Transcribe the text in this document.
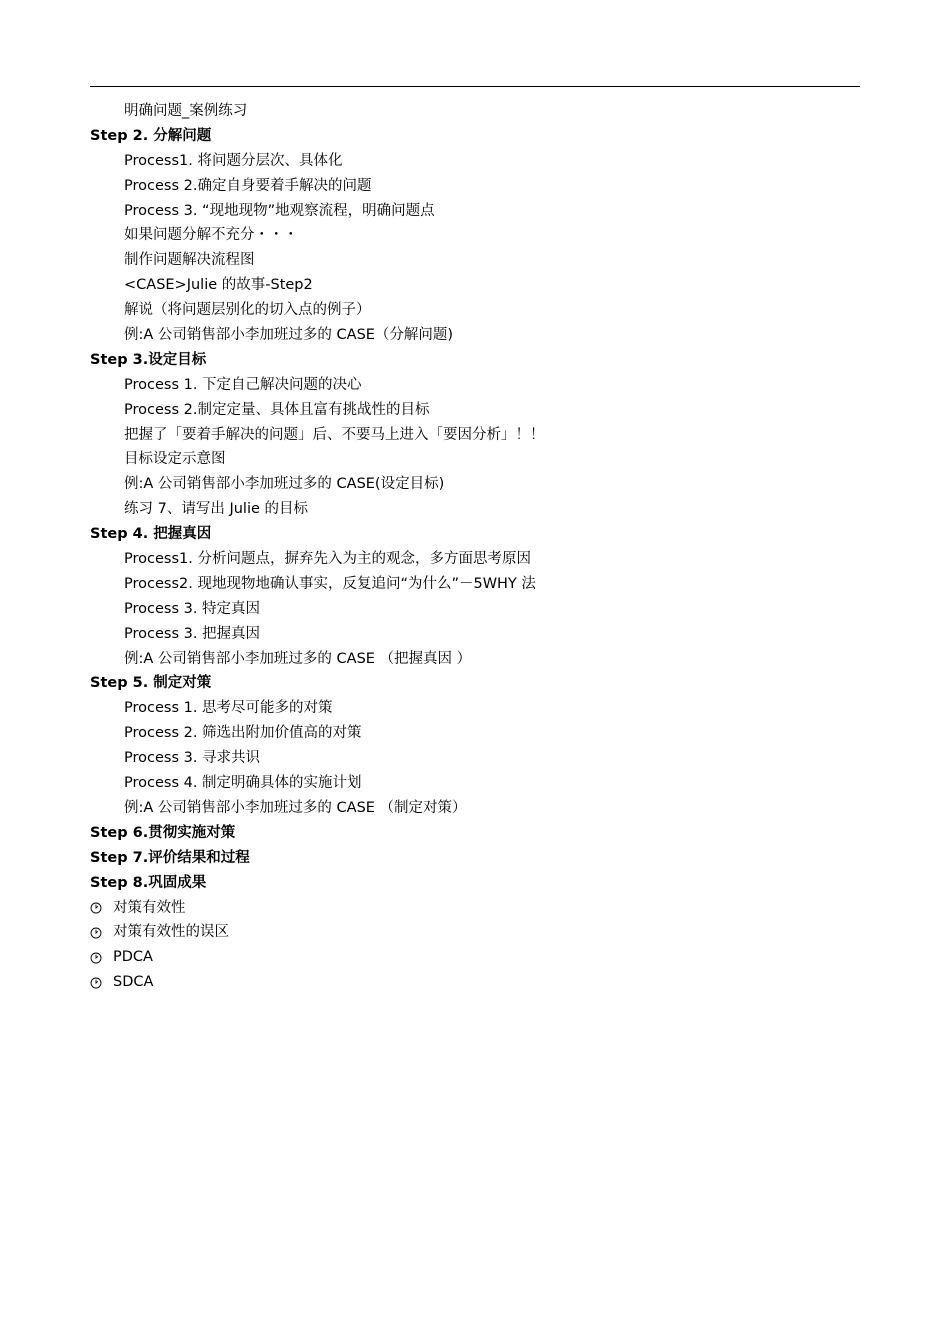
明确问题_案例练习
Step 2. 分解问题
Process1. 将问题分层次、具体化
Process 2.确定自身要着手解决的问题
Process 3. “现地现物”地观察流程，明确问题点
如果问题分解不充分・・・
制作问题解决流程图
<CASE>Julie 的故事-Step2
解说（将问题层别化的切入点的例子）
例:A 公司销售部小李加班过多的 CASE（分解问题)
Step 3.设定目标
Process 1. 下定自己解决问题的决心
Process 2.制定定量、具体且富有挑战性的目标
把握了「要着手解决的问题」后、不要马上进入「要因分析」！！
目标设定示意图
例:A 公司销售部小李加班过多的 CASE(设定目标)
练习 7、请写出 Julie 的目标
Step 4. 把握真因
Process1. 分析问题点，摒弃先入为主的观念，多方面思考原因
Process2. 现地现物地确认事实，反复追问“为什么”－5WHY 法
Process 3. 特定真因
Process 3. 把握真因
例:A 公司销售部小李加班过多的 CASE （把握真因 ）
Step 5. 制定对策
Process 1. 思考尽可能多的对策
Process 2. 筛选出附加价值高的对策
Process 3. 寻求共识
Process 4. 制定明确具体的实施计划
例:A 公司销售部小李加班过多的 CASE （制定对策）
Step 6.贯彻实施对策
Step 7.评价结果和过程
Step 8.巩固成果
对策有效性
对策有效性的误区
PDCA
SDCA
